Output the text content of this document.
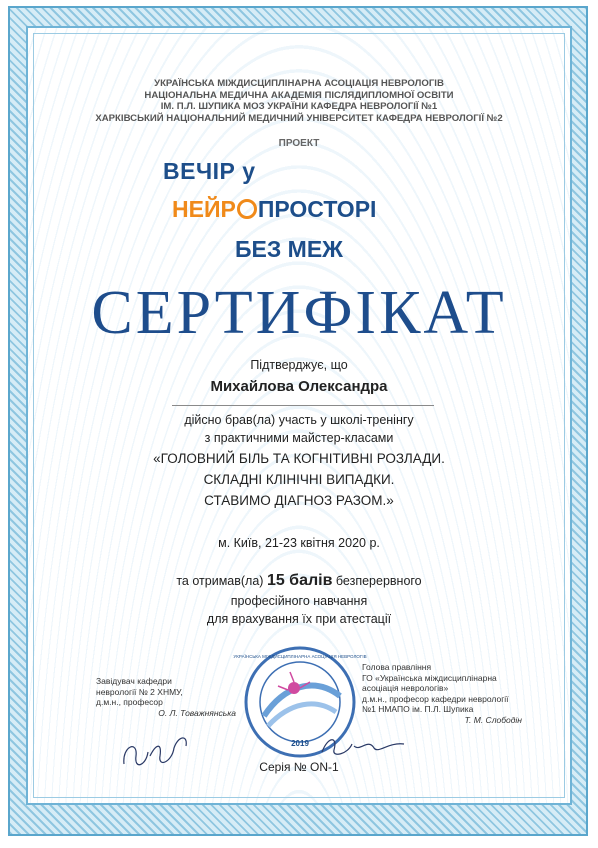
УКРАЇНСЬКА МІЖДИСЦИПЛІНАРНА АСОЦІАЦІЯ НЕВРОЛОГІВ
НАЦІОНАЛЬНА МЕДИЧНА АКАДЕМІЯ ПІСЛЯДИПЛОМНОЇ ОСВІТИ
ІМ. П.Л. ШУПИКА МОЗ УКРАЇНИ КАФЕДРА НЕВРОЛОГІЇ №1
ХАРКІВСЬКИЙ НАЦІОНАЛЬНИЙ МЕДИЧНИЙ УНІВЕРСИТЕТ КАФЕДРА НЕВРОЛОГІЇ №2
ПРОЕКТ
ВЕЧІР у
НЕЙР ПРОСТОРІ
БЕЗ МЕЖ
СЕРТИФІКАТ
Підтверджує, що
Михайлова Олександра
дійсно брав(ла) участь у школі-тренінгу
з практичними майстер-класами
«ГОЛОВНИЙ БІЛЬ ТА КОГНІТИВНІ РОЗЛАДИ.
СКЛАДНІ КЛІНІЧНІ ВИПАДКИ.
СТАВИМО ДІАГНОЗ РАЗОМ.»
м. Київ, 21-23 квітня 2020 р.
та отримав(ла) 15 балів безперервного
професійного навчання
для врахування їх при атестації
Завідувач кафедри
неврології № 2 ХНМУ,
д.м.н., професор
О. Л. Товажнянська
2019
УКРАЇНСЬКА МІЖДИСЦИПЛІНАРНА АСОЦІАЦІЯ НЕВРОЛОГІВ
Голова правління
ГО «Українська міждисциплінарна
асоціація неврологів»
д.м.н., професор кафедри неврології
№1 НМАПО ім. П.Л. Шупика
Т. М. Слободін
Серія № ON-1
